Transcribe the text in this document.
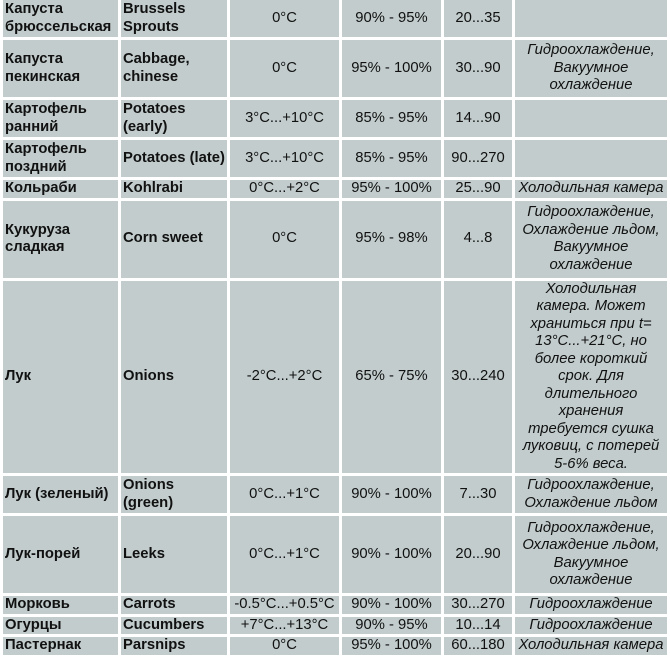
Капуста брюссельская	Brussels Sprouts	0°C	90% - 95%	20...35	
Капуста пекинская	Cabbage, chinese	0°C	95% - 100%	30...90	Гидроохлаждение, Вакуумное охлаждение
Картофель ранний	Potatoes (early)	3°C...+10°C	85% - 95%	14...90	
Картофель поздний	Potatoes (late)	3°C...+10°C	85% - 95%	90...270	
Кольраби	Kohlrabi	0°C...+2°C	95% - 100%	25...90	Холодильная камера
Кукуруза сладкая	Corn sweet	0°C	95% - 98%	4...8	Гидроохлаждение, Охлаждение льдом, Вакуумное охлаждение
Лук	Onions	-2°C...+2°C	65% - 75%	30...240	Холодильная камера. Может храниться при t= 13°C...+21°C, но более короткий срок. Для длительного хранения требуется сушка луковиц, с потерей 5-6% веса.
Лук (зеленый)	Onions (green)	0°C...+1°C	90% - 100%	7...30	Гидроохлаждение, Охлаждение льдом
Лук-порей	Leeks	0°C...+1°C	90% - 100%	20...90	Гидроохлаждение, Охлаждение льдом, Вакуумное охлаждение
Морковь	Carrots	-0.5°C...+0.5°C	90% - 100%	30...270	Гидроохлаждение
Огурцы	Cucumbers	+7°C...+13°C	90% - 95%	10...14	Гидроохлаждение
Пастернак	Parsnips	0°C	95% - 100%	60...180	Холодильная камера
